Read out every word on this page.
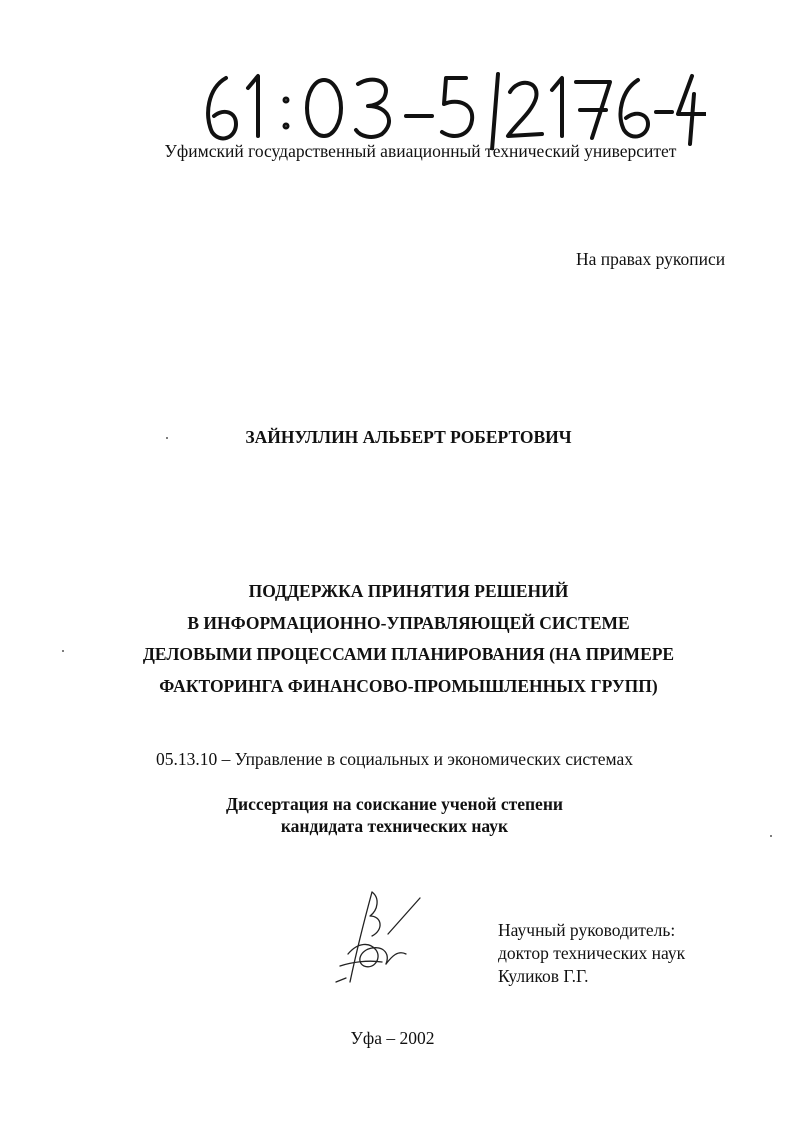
Уфимский государственный авиационный технический университет
На правах рукописи
ЗАЙНУЛЛИН АЛЬБЕРТ РОБЕРТОВИЧ
ПОДДЕРЖКА ПРИНЯТИЯ РЕШЕНИЙ
В ИНФОРМАЦИОННО-УПРАВЛЯЮЩЕЙ СИСТЕМЕ
ДЕЛОВЫМИ ПРОЦЕССАМИ ПЛАНИРОВАНИЯ (НА ПРИМЕРЕ
ФАКТОРИНГА ФИНАНСОВО-ПРОМЫШЛЕННЫХ ГРУПП)
05.13.10 – Управление в социальных и экономических системах
Диссертация на соискание ученой степени
кандидата технических наук
Научный руководитель:
доктор технических наук
Куликов Г.Г.
Уфа – 2002
